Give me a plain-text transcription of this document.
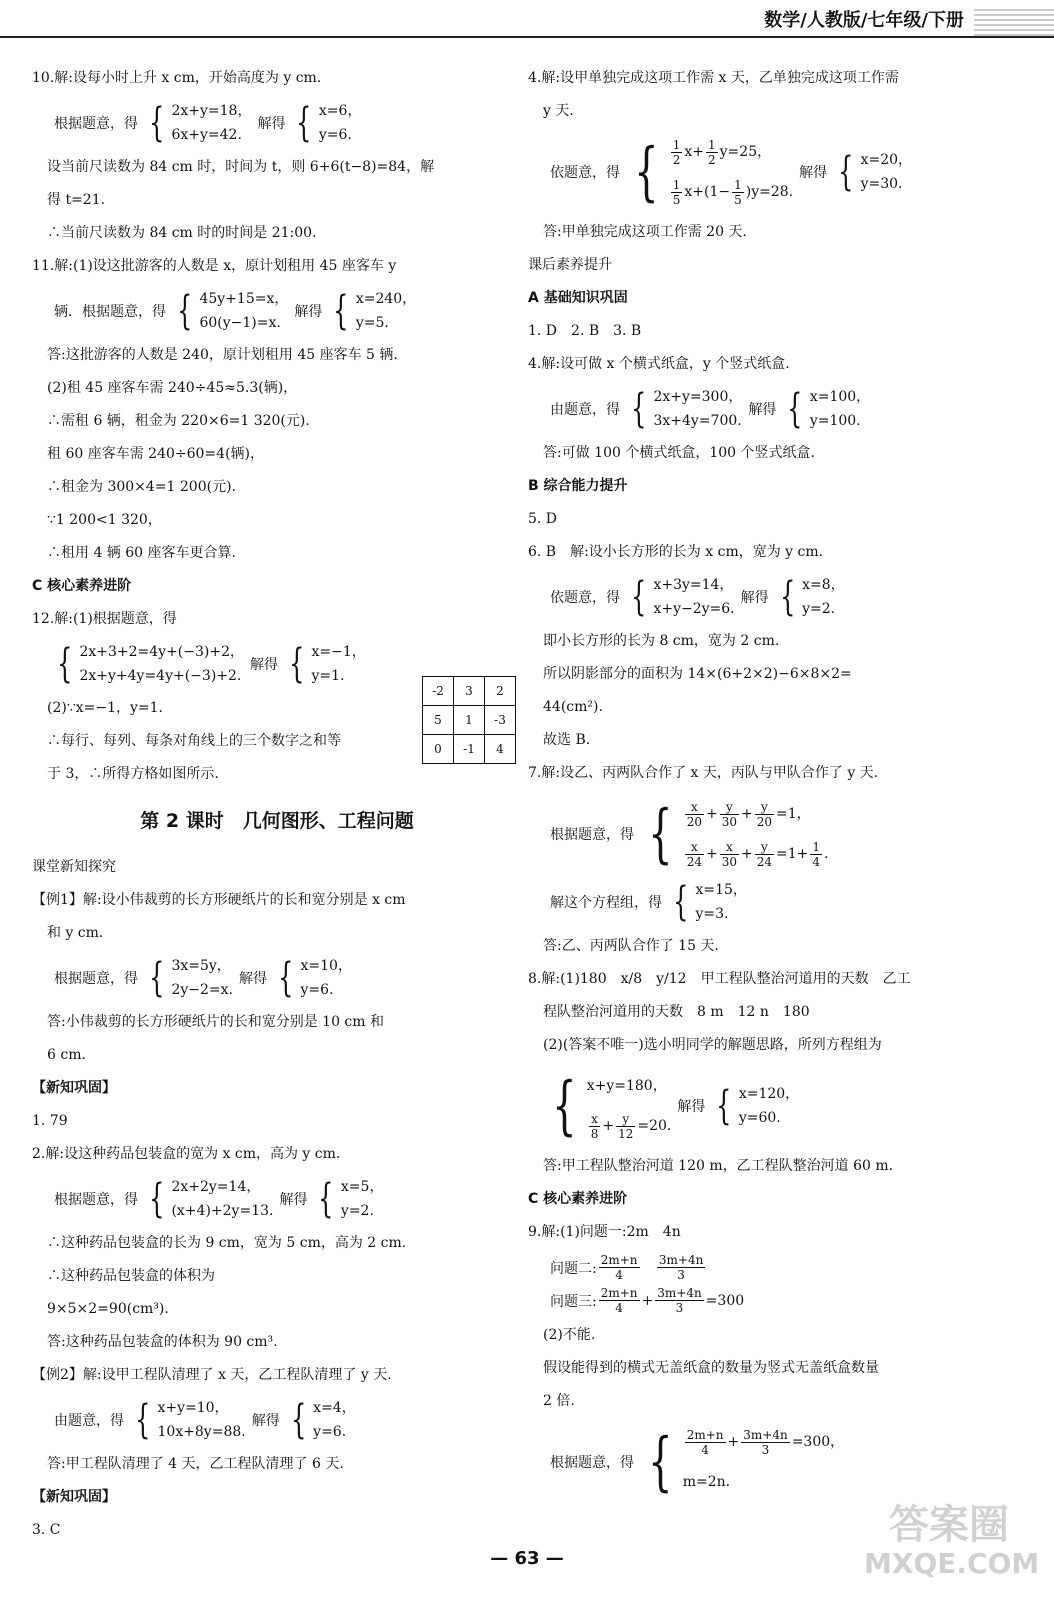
数学/人教版/七年级/下册
10.解:设每小时上升 x cm，开始高度为 y cm.
根据题意，得 { 2x+y=18，
6x+y=42.
解得 { x=6，
y=6.
设当前尺读数为 84 cm 时，时间为 t，则 6+6(t−8)=84，解
得 t=21.
∴当前尺读数为 84 cm 时的时间是 21:00.
11.解:(1)设这批游客的人数是 x，原计划租用 45 座客车 y
辆．根据题意，得 { 45y+15=x，
60(y−1)=x.
解得 { x=240，
y=5.
答:这批游客的人数是 240，原计划租用 45 座客车 5 辆.
(2)租 45 座客车需 240÷45≈5.3(辆)，
∴需租 6 辆，租金为 220×6=1 320(元).
租 60 座客车需 240÷60=4(辆)，
∴租金为 300×4=1 200(元).
∵1 200<1 320，
∴租用 4 辆 60 座客车更合算.
C 核心素养进阶
12.解:(1)根据题意，得
{ 2x+3+2=4y+(−3)+2，
2x+y+4y=4y+(−3)+2.
解得 { x=−1，
y=1.
(2)∵x=−1，y=1.
∴每行、每列、每条对角线上的三个数字之和等
于 3，∴所得方格如图所示.
第 2 课时　几何图形、工程问题
课堂新知探究
【例1】解:设小伟裁剪的长方形硬纸片的长和宽分别是 x cm
和 y cm.
根据题意，得 { 3x=5y，
2y−2=x.
解得 { x=10，
y=6.
答:小伟裁剪的长方形硬纸片的长和宽分别是 10 cm 和
6 cm.
【新知巩固】
1. 79
2.解:设这种药品包装盒的宽为 x cm，高为 y cm.
根据题意，得 { 2x+2y=14，
(x+4)+2y=13.
解得 { x=5，
y=2.
∴这种药品包装盒的长为 9 cm，宽为 5 cm，高为 2 cm.
∴这种药品包装盒的体积为
9×5×2=90(cm³).
答:这种药品包装盒的体积为 90 cm³.
【例2】解:设甲工程队清理了 x 天，乙工程队清理了 y 天.
由题意，得 { x+y=10，
10x+8y=88.
解得 { x=4，
y=6.
答:甲工程队清理了 4 天，乙工程队清理了 6 天.
【新知巩固】
3. C
-2	3	2
5	1	-3
0	-1	4
4.解:设甲单独完成这项工作需 x 天，乙单独完成这项工作需
y 天.
依题意，得 { $\frac{1}{2} x+ \frac{1}{2} y=25$，
$\frac{1}{5} x+(1- \frac{1}{5} )y=28$.
解得 { x=20，
y=30.
答:甲单独完成这项工作需 20 天.
课后素养提升
A 基础知识巩固
1. D　2. B　3. B
4.解:设可做 x 个横式纸盒，y 个竖式纸盒.
由题意，得 { 2x+y=300，
3x+4y=700.
解得 { x=100，
y=100.
答:可做 100 个横式纸盒，100 个竖式纸盒.
B 综合能力提升
5. D
6. B　解:设小长方形的长为 x cm，宽为 y cm.
依题意，得 { x+3y=14，
x+y−2y=6.
解得 { x=8，
y=2.
即小长方形的长为 8 cm，宽为 2 cm.
所以阴影部分的面积为 14×(6+2×2)−6×8×2=
44(cm²).
故选 B.
7.解:设乙、丙两队合作了 x 天，丙队与甲队合作了 y 天.
根据题意，得 { $\frac{x}{20} + \frac{y}{30} + \frac{y}{20} =1$，
$\frac{x}{24} + \frac{x}{30} + \frac{y}{24} =1+ \frac{1}{4}$ .
解这个方程组，得 { x=15，
y=3.
答:乙、丙两队合作了 15 天.
8.解:(1)180　x/8　y/12　甲工程队整治河道用的天数　乙工
程队整治河道用的天数　8 m　12 n　180
(2)(答案不唯一)选小明同学的解题思路，所列方程组为
{ x+y=180，
$\frac{x}{8} + \frac{y}{12} =20$.
解得 { x=120，
y=60.
答:甲工程队整治河道 120 m，乙工程队整治河道 60 m.
C 核心素养进阶
9.解:(1)问题一:2m　4n
问题二: $\frac{2m+n}{4}$
$\frac{3m+4n}{3}$
问题三: $\frac{2m+n}{4} + \frac{3m+4n}{3} =300$
(2)不能.
假设能得到的横式无盖纸盒的数量为竖式无盖纸盒数量
2 倍.
根据题意，得 { $\frac{2m+n}{4} + \frac{3m+4n}{3} =300$，
m=2n.
— 63 —
答案圈
MXQE.COM
